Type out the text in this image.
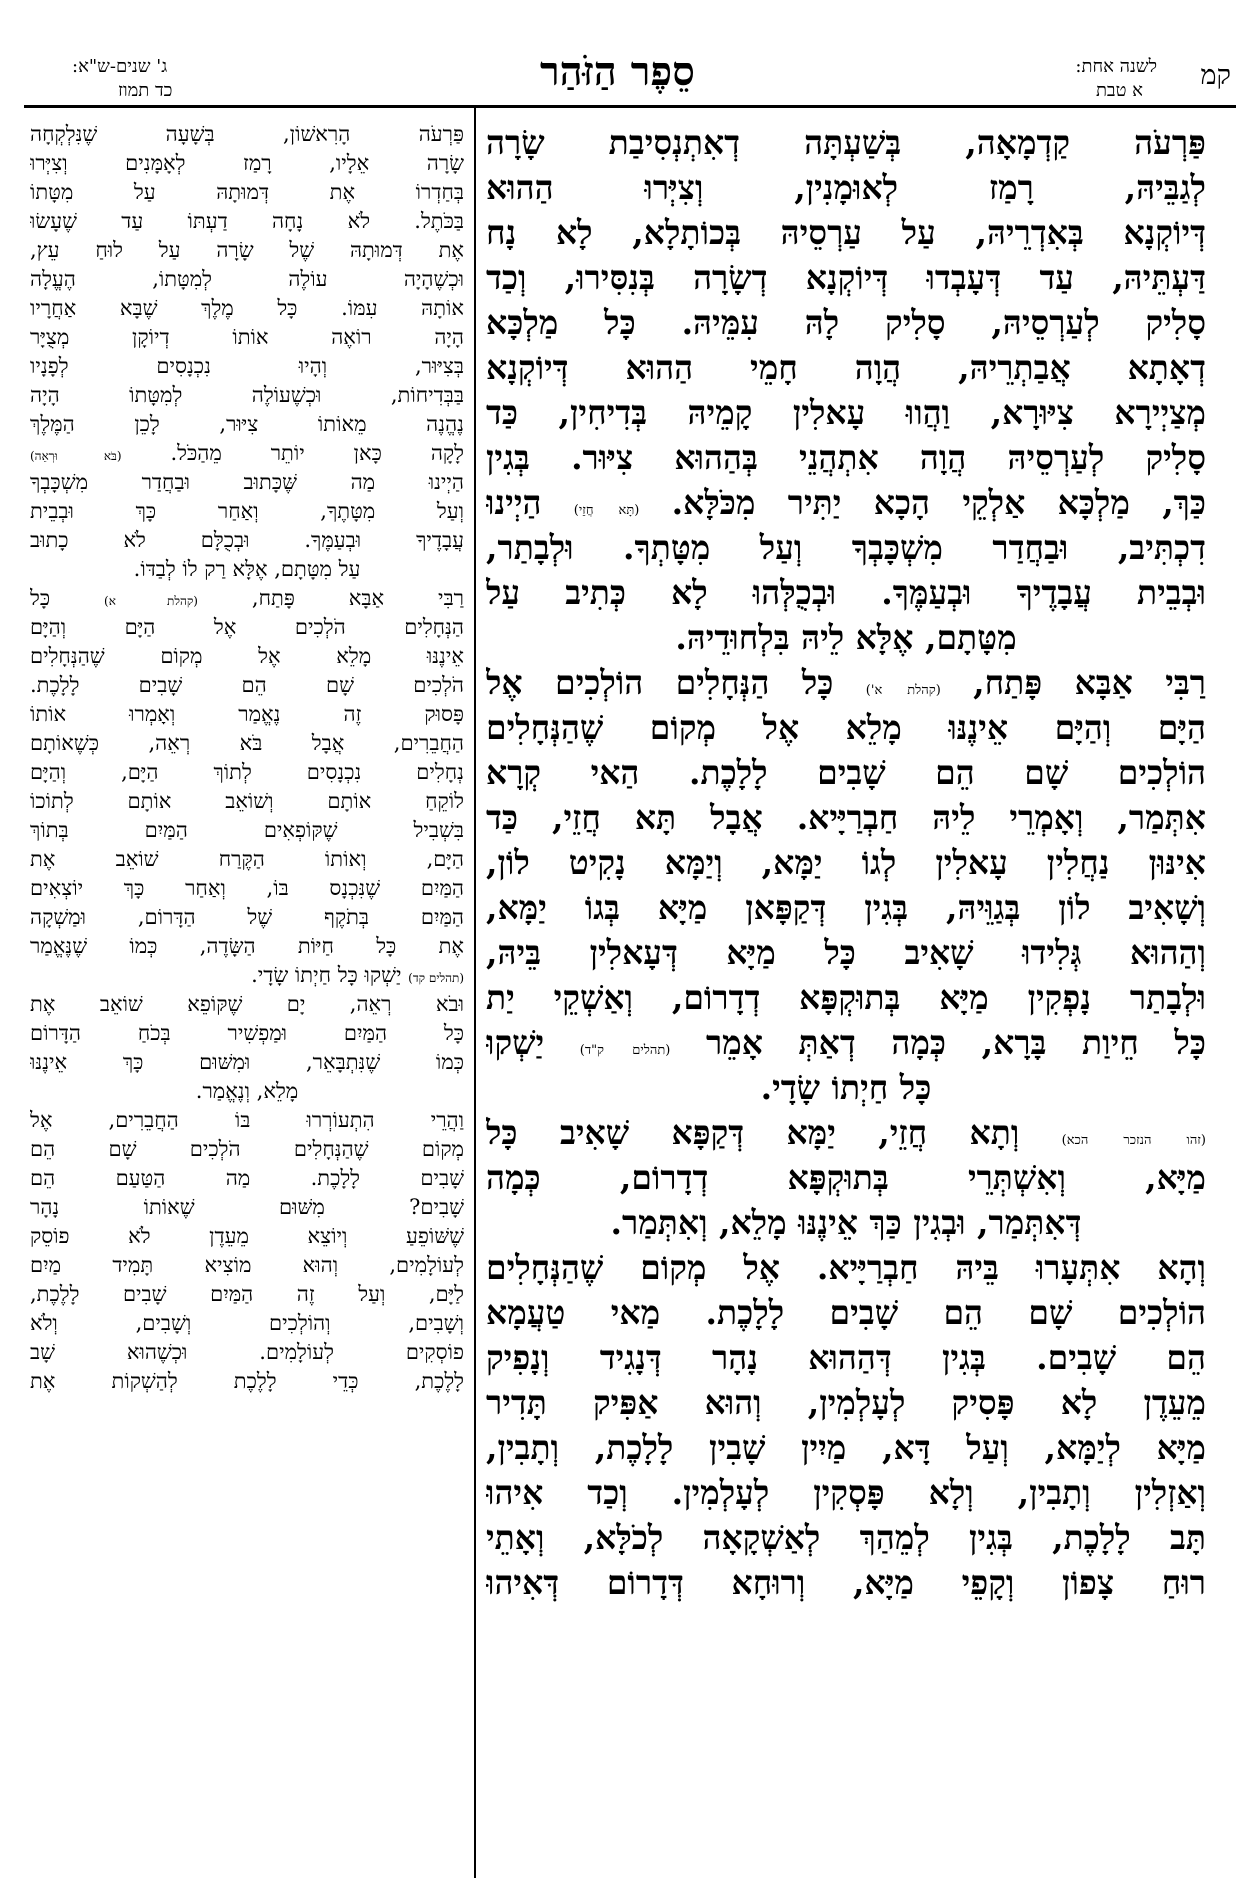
קמ
לשנה אחת:
א טבת
סֵפֶר הַזֹּהַר
ג' שנים-ש"א:
כד תמוז
פַּרְעֹה קַדְמָאָה, בְּשַׁעְתָּה דְאִתְנְסִיבַת שָׂרָה
לְגַבֵּיהּ, רָמַז לְאוּמָנִין, וְצִיְּרוּ הַהוּא
דְּיוֹקְנָא בְּאִדְרֵיהּ, עַל עַרְסֵיהּ בְּכוֹתָלָא, לָא נָח
דַּעְתֵּיהּ, עַד דְּעָבְדוּ דְּיוֹקְנָא דְשָׂרָה בְּנִסִּירוּ, וְכַד
סָלִיק לְעַרְסֵיהּ, סָלִיק לָהּ עִמֵּיהּ. כָּל מַלְכָּא
דְאָתָא אֲבַתְרֵיהּ, הֲוָה חָמֵי הַהוּא דְּיוֹקְנָא
מְצַיְירָא צִיּוּרָא, וַהֲווּ עָאלִין קָמֵיהּ בְּדִיחִין, כַּד
סָלִיק לְעַרְסֵיהּ הֲוָה אִתְהֲנֵי בְּהַהוּא צִיּוּר. בְּגִין
כַּךְ, מַלְכָּא אַלְקֵי הָכָא יַתִּיר מִכֹּלָּא. (תָּא חֲזֵי) הַיְינוּ
דִכְתִּיב, וּבַחֲדַר מִשְׁכָּבְךָ וְעַל מִטָּתְךָ. וּלְבָתַר,
וּבְבֵית עֲבָדֶיךָ וּבְעַמֶּךָ. וּבְכֻלְּהוּ לָא כְּתִיב עַל
מִטָּתָם, אֶלָּא לֵיהּ בִּלְחוּדֵיהּ.
רַבִּי אַבָּא פָּתַח, (קהלת א') כָּל הַנְּחָלִים הוֹלְכִים אֶל
הַיָּם וְהַיָּם אֵינֶנּוּ מָלֵא אֶל מְקוֹם שֶׁהַנְּחָלִים
הוֹלְכִים שָׁם הֵם שָׁבִים לָלָכֶת. הַאי קְרָא
אִתְּמַר, וְאָמְרֵי לֵיהּ חַבְרַיָּיא. אֲבָל תָּא חֲזֵי, כַּד
אִינּוּן נַחֲלִין עָאלִין לְגוֹ יַמָּא, וְיַמָּא נָקִיט לוֹן,
וְשָׁאִיב לוֹן בְּגַוֵּיהּ, בְּגִין דְּקַפָּאן מַיָּא בְּגוֹ יַמָּא,
וְהַהוּא גְּלִידוּ שָׁאִיב כָּל מַיָּא דְּעָאלִין בֵּיהּ,
וּלְבָתַר נָפְקִין מַיָּא בְּתוּקְפָּא דְדָרוֹם, וְאַשְׁקֵי יַת
כָּל חֵיוַת בָּרָא, כְּמָה דְאַתְּ אָמֵר (תהלים ק"ד) יַשְׁקוּ
כָּל חַיְתוֹ שָׂדָי.
(זהו הנזכר הכא) וְתָא חֲזֵי, יַמָּא דְּקַפָּא שָׁאִיב כָּל
מַיָּא, וְאִשְׁתְּרֵי בְּתוּקְפָּא דְדָרוֹם, כְּמָה
דְּאִתְּמַר, וּבְגִין כַּךְ אֵינֶנּוּ מָלֵא, וְאִתְּמַר.
וְהָא אִתְּעָרוּ בֵּיהּ חַבְרַיָּיא. אֶל מְקוֹם שֶׁהַנְּחָלִים
הוֹלְכִים שָׁם הֵם שָׁבִים לָלָכֶת. מַאי טַעֲמָא
הֵם שָׁבִים. בְּגִין דְּהַהוּא נָהָר דְּנָגִיד וְנָפִיק
מֵעֵדֶן לָא פָּסִיק לְעָלְמִין, וְהוּא אַפִּיק תָּדִיר
מַיָּא לְיַמָּא, וְעַל דָּא, מַיִין שָׁבִין לָלָכֶת, וְתָבִין,
וְאַזְלִין וְתָבִין, וְלָא פָּסְקִין לְעָלְמִין. וְכַד אִיהוּ
תָּב לָלָכֶת, בְּגִין לְמֵהַךְ לְאַשְׁקָאָה לְכֹלָּא, וְאָתֵי
רוּחַ צָפוֹן וְקָפֵי מַיָּא, וְרוּחָא דְּדָרוֹם דְּאִיהוּ
פַּרְעֹה הָרִאשׁוֹן, בְּשָׁעָה שֶׁנִּלְקְחָה
שָׂרָה אֵלָיו, רָמַז לְאָמָּנִים וְצִיְּרוּ
בְּחַדְרוֹ אֶת דְּמוּתָהּ עַל מִטָּתוֹ
בַּכֹּתֶל. לֹא נָחָה דַעְתּוֹ עַד שֶׁעָשׂוּ
אֶת דְּמוּתָהּ שֶׁל שָׂרָה עַל לוּחַ עֵץ,
וּכְשֶׁהָיָה עוֹלֶה לְמִטָּתוֹ, הֶעֱלָה
אוֹתָהּ עִמּוֹ. כָּל מֶלֶךְ שֶׁבָּא אַחֲרָיו
הָיָה רוֹאֶה אוֹתוֹ דְיוֹקָן מְצֻיָּר
בְּצִיּוּר, וְהָיוּ נִכְנָסִים לְפָנָיו
בַּבְּדִיחוֹת, וּכְשֶׁעוֹלֶה לְמִטָּתוֹ הָיָה
נֶהֱנֶה מֵאוֹתוֹ צִיּוּר, לָכֵן הַמֶּלֶךְ
לָקָה כָּאן יוֹתֵר מֵהַכֹּל. (בֹּא וּרְאֵה)
הַיְינוּ מַה שֶּׁכָּתוּב וּבַחֲדַר מִשְׁכָּבְךָ
וְעַל מִטָּתֶךָ, וְאַחַר כָּךְ וּבְבֵית
עֲבָדֶיךָ וּבְעַמֶּךָ. וּבְכֻלָּם לֹא כָתוּב
עַל מִטָּתָם, אֶלָּא רַק לוֹ לְבַדּוֹ.
רַבִּי אַבָּא פָּתַח, (קהלת א) כָּל
הַנְּחָלִים הֹלְכִים אֶל הַיָּם וְהַיָּם
אֵינֶנּוּ מָלֵא אֶל מְקוֹם שֶׁהַנְּחָלִים
הֹלְכִים שָׁם הֵם שָׁבִים לָלָכֶת.
פָּסוּק זֶה נֶאֱמַר וְאָמְרוּ אוֹתוֹ
הַחֲבֵרִים, אֲבָל בֹּא רְאֵה, כְּשֶׁאוֹתָם
נְחָלִים נִכְנָסִים לְתוֹךְ הַיָּם, וְהַיָּם
לוֹקֵחַ אוֹתָם וְשׁוֹאֵב אוֹתָם לְתוֹכוֹ
בִּשְׁבִיל שֶׁקּוֹפְאִים הַמַּיִם בְּתוֹךְ
הַיָּם, וְאוֹתוֹ הַקֶּרַח שׁוֹאֵב אֶת
הַמַּיִם שֶׁנִּכְנָס בּוֹ, וְאַחַר כָּךְ יוֹצְאִים
הַמַּיִם בְּתֹקֶף שֶׁל הַדָּרוֹם, וּמַשְׁקָה
אֶת כָּל חַיּוֹת הַשָּׂדֶה, כְּמוֹ שֶׁנֶּאֱמַר
(תהלים קד) יַשְׁקוּ כָּל חַיְתוֹ שָׂדָי.
וּבֹא רְאֵה, יָם שֶׁקּוֹפֵא שׁוֹאֵב אֶת
כָּל הַמַּיִם וּמַפְשִׁיר בְּכֹחַ הַדָּרוֹם
כְּמוֹ שֶׁנִּתְבָּאֵר, וּמִשּׁוּם כָּךְ אֵינֶנּוּ
מָלֵא, וְנֶאֱמַר.
וַהֲרֵי הִתְעוֹרְרוּ בּוֹ הַחֲבֵרִים, אֶל
מְקוֹם שֶׁהַנְּחָלִים הֹלְכִים שָׁם הֵם
שָׁבִים לָלָכֶת. מַה הַטַּעַם הֵם
שָׁבִים? מִשּׁוּם שֶׁאוֹתוֹ נָהָר
שֶׁשּׁוֹפֵעַ וְיוֹצֵא מֵעֵדֶן לֹא פוֹסֵק
לְעוֹלָמִים, וְהוּא מוֹצִיא תָּמִיד מַיִם
לַיָּם, וְעַל זֶה הַמַּיִם שָׁבִים לָלֶכֶת,
וְשָׁבִים, וְהוֹלְכִים וְשָׁבִים, וְלֹא
פוֹסְקִים לְעוֹלָמִים. וּכְשֶׁהוּא שָׁב
לָלֶכֶת, כְּדֵי לָלֶכֶת לְהַשְׁקוֹת אֶת
